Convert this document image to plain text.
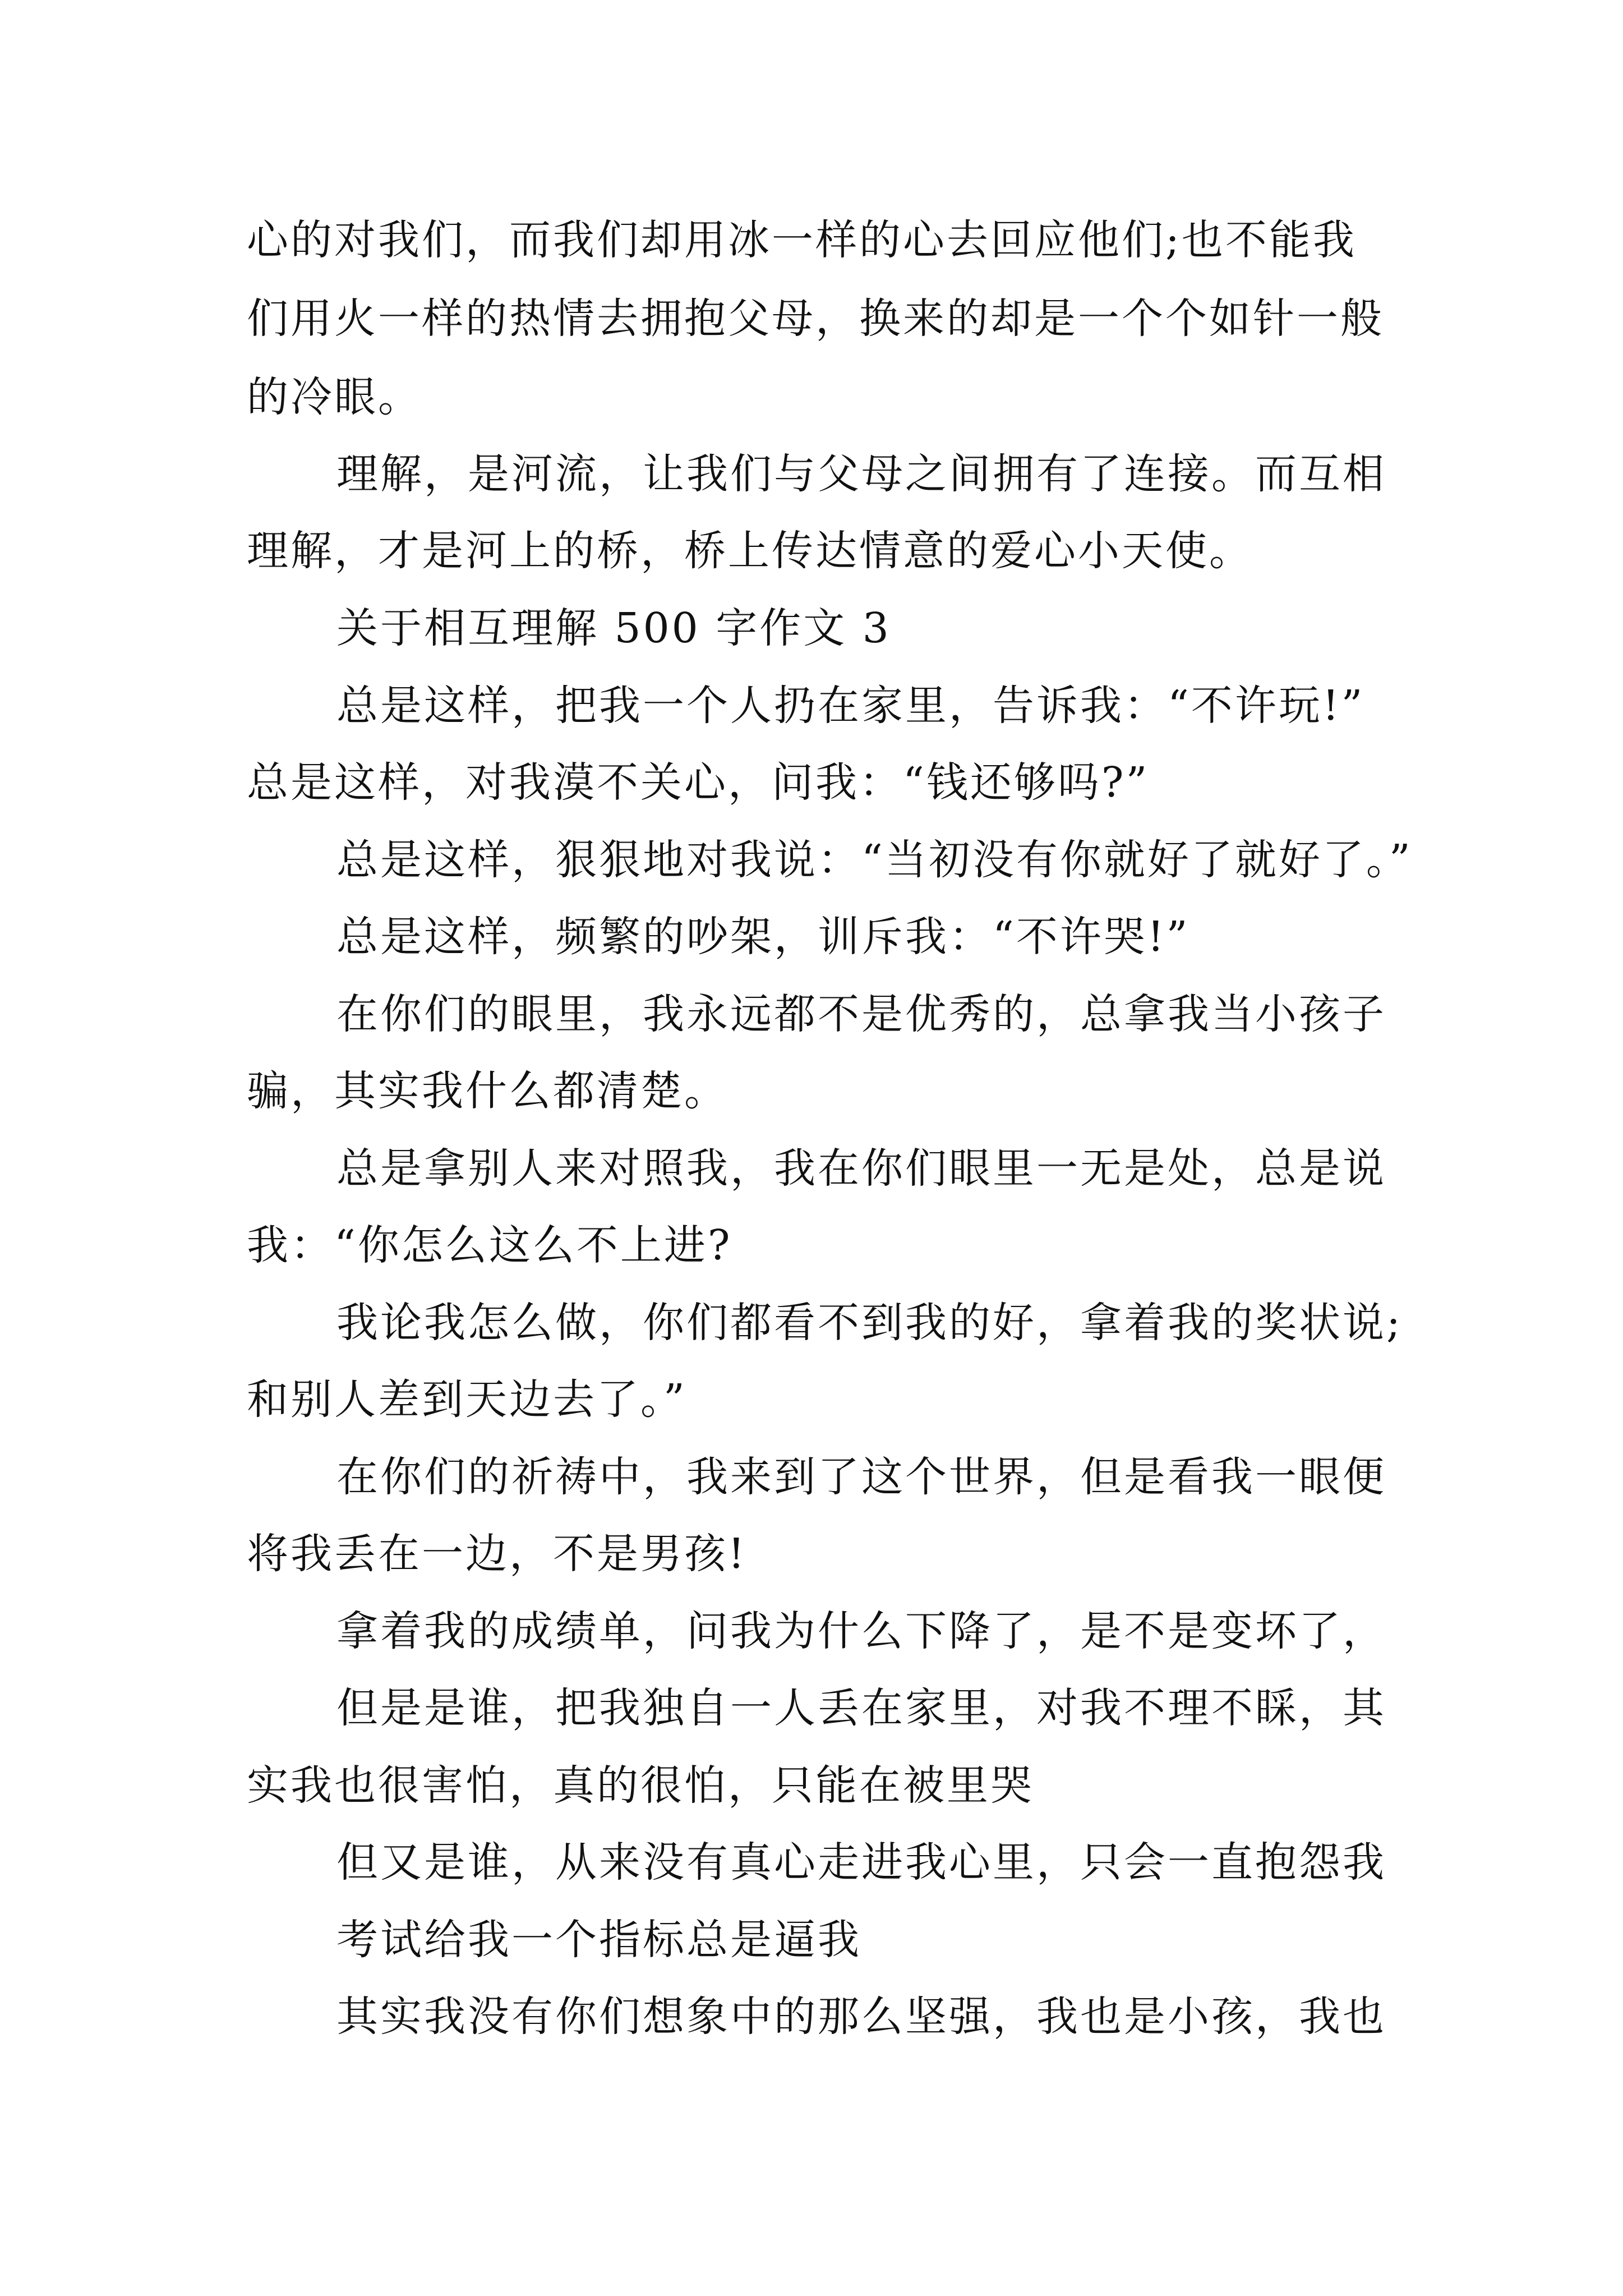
心的对我们，而我们却用冰一样的心去回应他们;也不能我
们用火一样的热情去拥抱父母，换来的却是一个个如针一般
的冷眼。
理解，是河流，让我们与父母之间拥有了连接。而互相
理解，才是河上的桥，桥上传达情意的爱心小天使。
关于相互理解 500 字作文 3
总是这样，把我一个人扔在家里，告诉我：“不许玩!”
总是这样，对我漠不关心，问我：“钱还够吗?”
总是这样，狠狠地对我说：“当初没有你就好了就好了。”
总是这样，频繁的吵架，训斥我：“不许哭!”
在你们的眼里，我永远都不是优秀的，总拿我当小孩子
骗，其实我什么都清楚。
总是拿别人来对照我，我在你们眼里一无是处，总是说
我：“你怎么这么不上进?
我论我怎么做，你们都看不到我的好，拿着我的奖状说;
和别人差到天边去了。”
在你们的祈祷中，我来到了这个世界，但是看我一眼便
将我丢在一边，不是男孩!
拿着我的成绩单，问我为什么下降了，是不是变坏了，
但是是谁，把我独自一人丢在家里，对我不理不睬，其
实我也很害怕，真的很怕，只能在被里哭
但又是谁，从来没有真心走进我心里，只会一直抱怨我
考试给我一个指标总是逼我
其实我没有你们想象中的那么坚强，我也是小孩，我也
